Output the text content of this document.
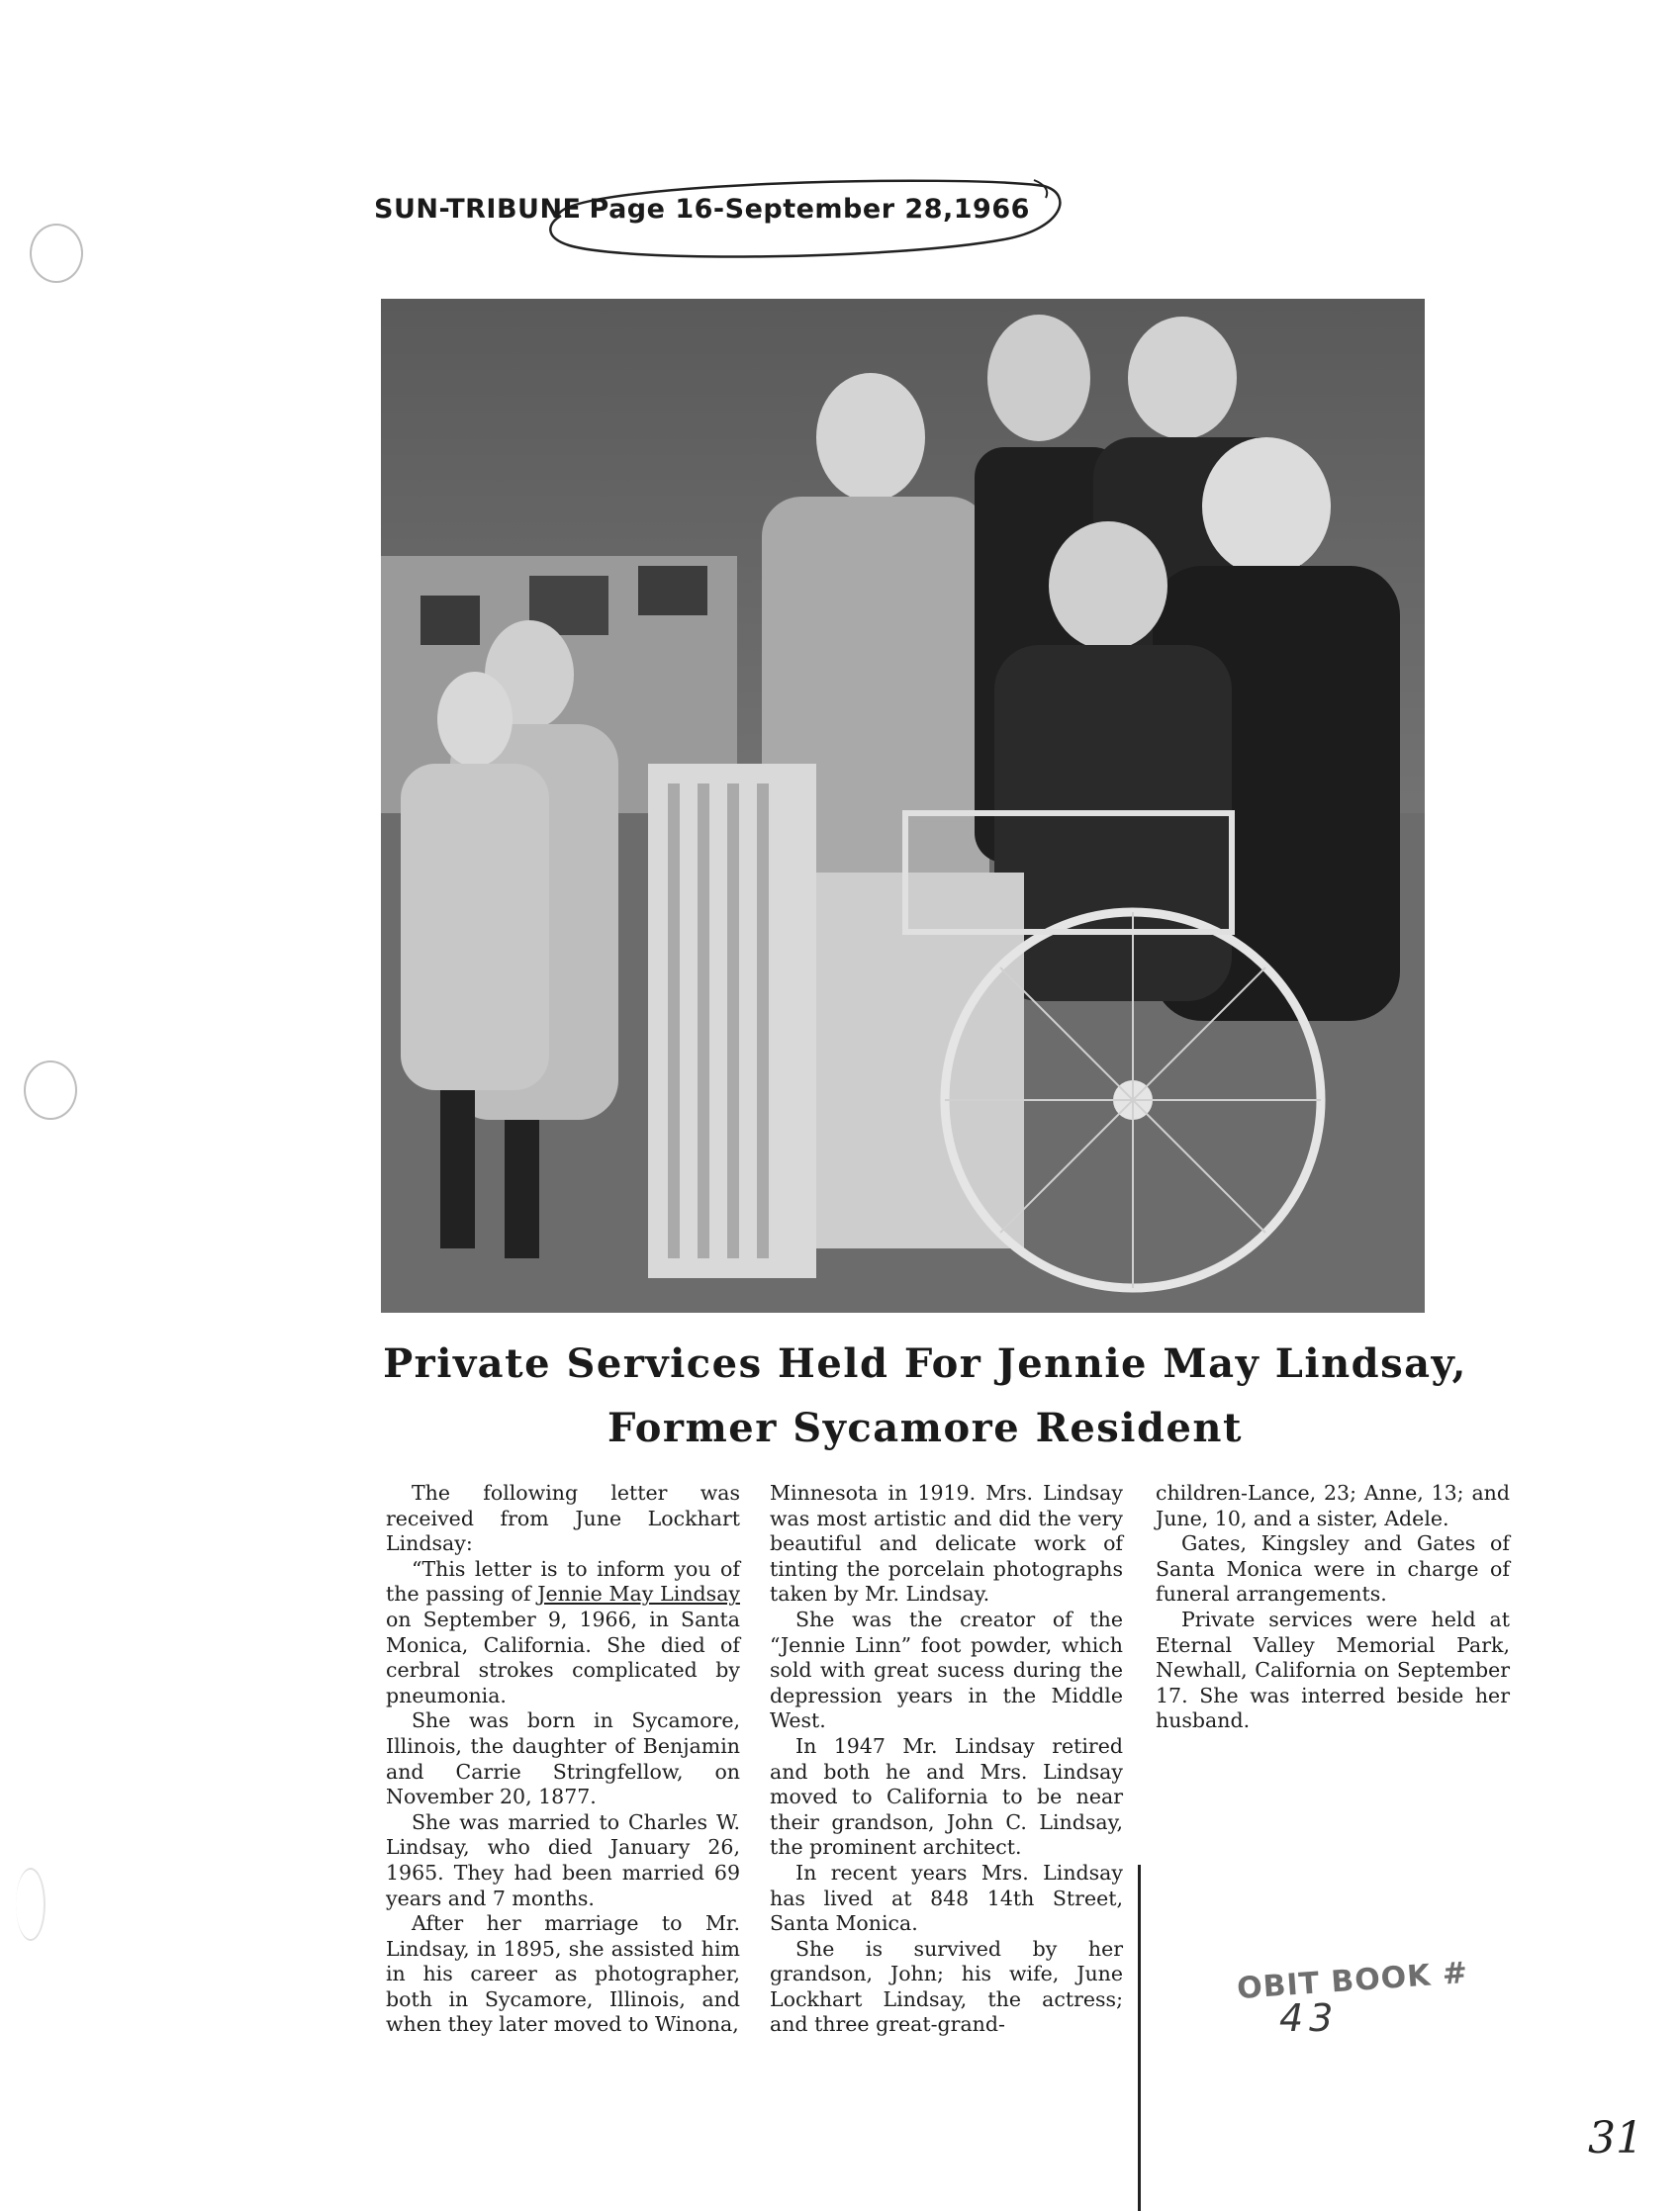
SUN-TRIBUNE Page 16-September 28,1966
Private Services Held For Jennie May Lindsay,
Former Sycamore Resident

The following letter was received from June Lockhart Lindsay:

“This letter is to inform you of the passing of Jennie May Lindsay on September 9, 1966, in Santa Monica, California. She died of cerbral strokes complicated by pneumonia.

She was born in Sycamore, Illinois, the daughter of Benjamin and Carrie Stringfellow, on November 20, 1877.

She was married to Charles W. Lindsay, who died January 26, 1965. They had been married 69 years and 7 months.

After her marriage to Mr. Lindsay, in 1895, she assisted him in his career as photographer, both in Sycamore, Illinois, and when they later moved to Winona,

Minnesota in 1919. Mrs. Lindsay was most artistic and did the very beautiful and delicate work of tinting the porcelain photographs taken by Mr. Lindsay.

She was the creator of the “Jennie Linn” foot powder, which sold with great sucess during the depression years in the Middle West.

In 1947 Mr. Lindsay retired and both he and Mrs. Lindsay moved to California to be near their grandson, John C. Lindsay, the prominent architect.

In recent years Mrs. Lindsay has lived at 848 14th Street, Santa Monica.

She is survived by her grandson, John; his wife, June Lockhart Lindsay, the actress; and three great-grand-

children-Lance, 23; Anne, 13; and June, 10, and a sister, Adele.

Gates, Kingsley and Gates of Santa Monica were in charge of funeral arrangements.

Private services were held at Eternal Valley Memorial Park, Newhall, California on September 17. She was interred beside her husband.

OBIT BOOK #
43
31
